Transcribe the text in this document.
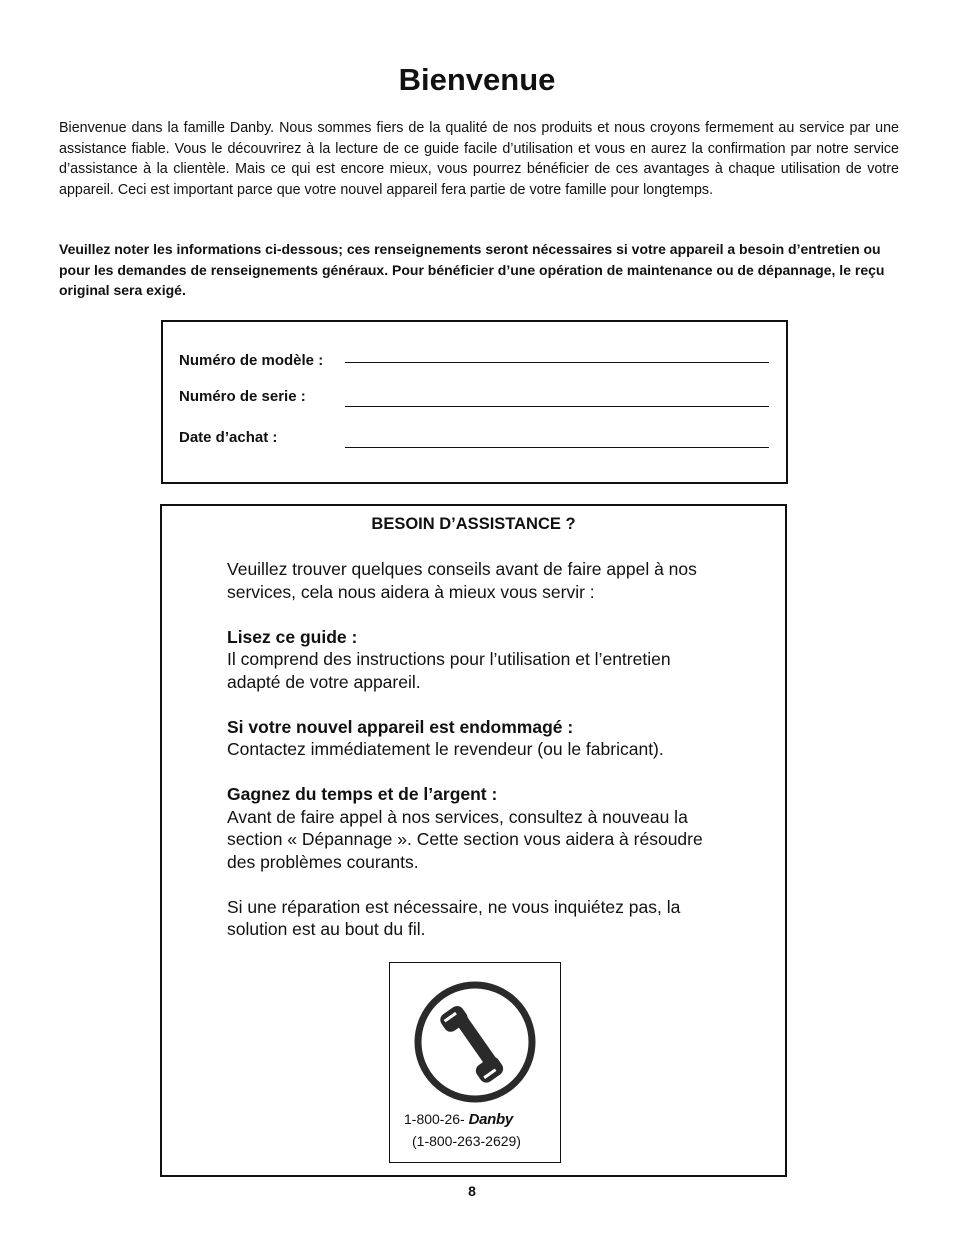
Bienvenue

Bienvenue dans la famille Danby. Nous sommes fiers de la qualité de nos produits et nous croyons fermement au service par une assistance fiable. Vous le découvrirez à la lecture de ce guide facile d’utilisation et vous en aurez la confirmation par notre service d’assistance à la clientèle. Mais ce qui est encore mieux, vous pourrez bénéficier de ces avantages à chaque utilisation de votre appareil. Ceci est important parce que votre nouvel appareil fera partie de votre famille pour longtemps.

Veuillez noter les informations ci-dessous; ces renseignements seront nécessaires si votre appareil a besoin d’entretien ou pour les demandes de renseignements généraux. Pour bénéficier d’une opération de maintenance ou de dépannage, le reçu original sera exigé.

Numéro de modèle :
Numéro de serie :
Date d’achat :
BESOIN D’ASSISTANCE ?

Veuillez trouver quelques conseils avant de faire appel à nos services, cela nous aidera à mieux vous servir :

Lisez ce guide :
Il comprend des instructions pour l’utilisation et l’entretien adapté de votre appareil.

Si votre nouvel appareil est endommagé :
Contactez immédiatement le revendeur (ou le fabricant).

Gagnez du temps et de l’argent :
Avant de faire appel à nos services, consultez à nouveau la section « Dépannage ». Cette section vous aidera à résoudre des problèmes courants.

Si une réparation est nécessaire, ne vous inquiétez pas, la solution est au bout du fil.

1-800-26- Danby
(1-800-263-2629)
8
